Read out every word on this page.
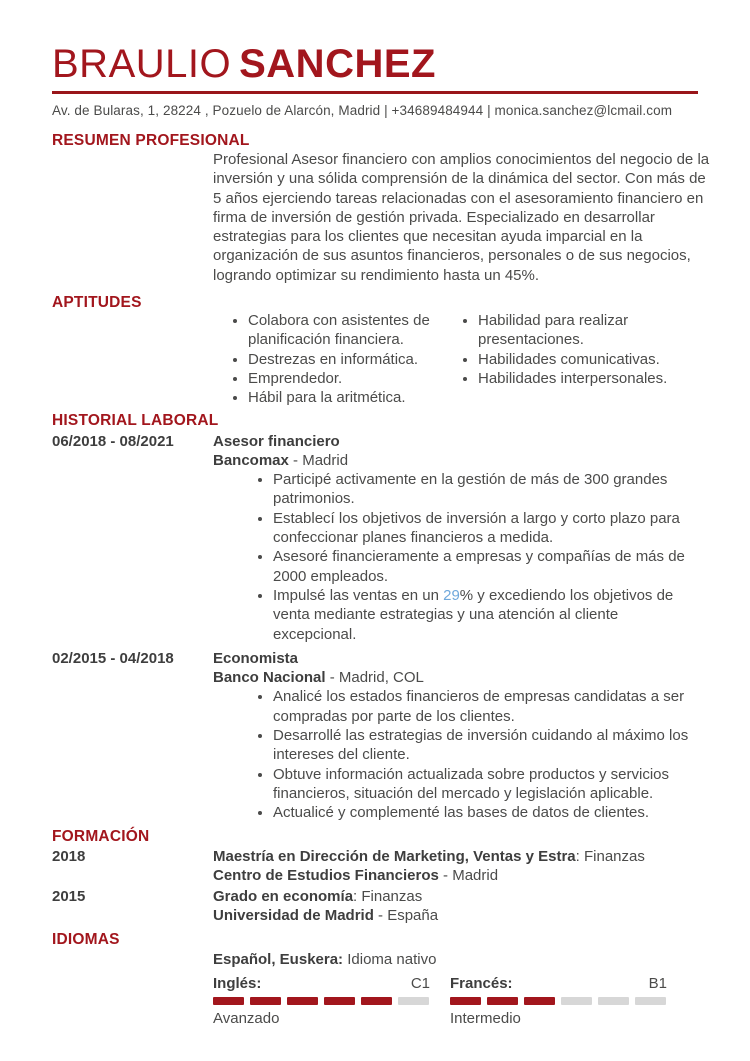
BRAULIO SANCHEZ
Av. de Bularas, 1, 28224 , Pozuelo de Alarcón, Madrid | +34689484944 | monica.sanchez@lcmail.com
RESUMEN PROFESIONAL

Profesional Asesor financiero con amplios conocimientos del negocio de la inversión y una sólida comprensión de la dinámica del sector. Con más de 5 años ejerciendo tareas relacionadas con el asesoramiento financiero en firma de inversión de gestión privada. Especializado en desarrollar estrategias para los clientes que necesitan ayuda imparcial en la organización de sus asuntos financieros, personales o de sus negocios, logrando optimizar su rendimiento hasta un 45%.

APTITUDES
• Colabora con asistentes de planificación financiera.
• Destrezas en informática.
• Emprendedor.
• Hábil para la aritmética.
• Habilidad para realizar presentaciones.
• Habilidades comunicativas.
• Habilidades interpersonales.
HISTORIAL LABORAL
06/2018 - 08/2021	Asesor financiero
Bancomax - Madrid
• Participé activamente en la gestión de más de 300 grandes patrimonios.
• Establecí los objetivos de inversión a largo y corto plazo para confeccionar planes financieros a medida.
• Asesoré financieramente a empresas y compañías de más de 2000 empleados.
• Impulsé las ventas en un 29% y excediendo los objetivos de venta mediante estrategias y una atención al cliente excepcional.
02/2015 - 04/2018	Economista
Banco Nacional - Madrid, COL
• Analicé los estados financieros de empresas candidatas a ser compradas por parte de los clientes.
• Desarrollé las estrategias de inversión cuidando al máximo los intereses del cliente.
• Obtuve información actualizada sobre productos y servicios financieros, situación del mercado y legislación aplicable.
• Actualicé y complementé las bases de datos de clientes.
FORMACIÓN
2018	Maestría en Dirección de Marketing, Ventas y Estra: Finanzas
Centro de Estudios Financieros - Madrid
2015	Grado en economía: Finanzas
Universidad de Madrid - España
IDIOMAS
Español, Euskera: Idioma nativo
Inglés:	C1
Avanzado
Francés:	B1
Intermedio
